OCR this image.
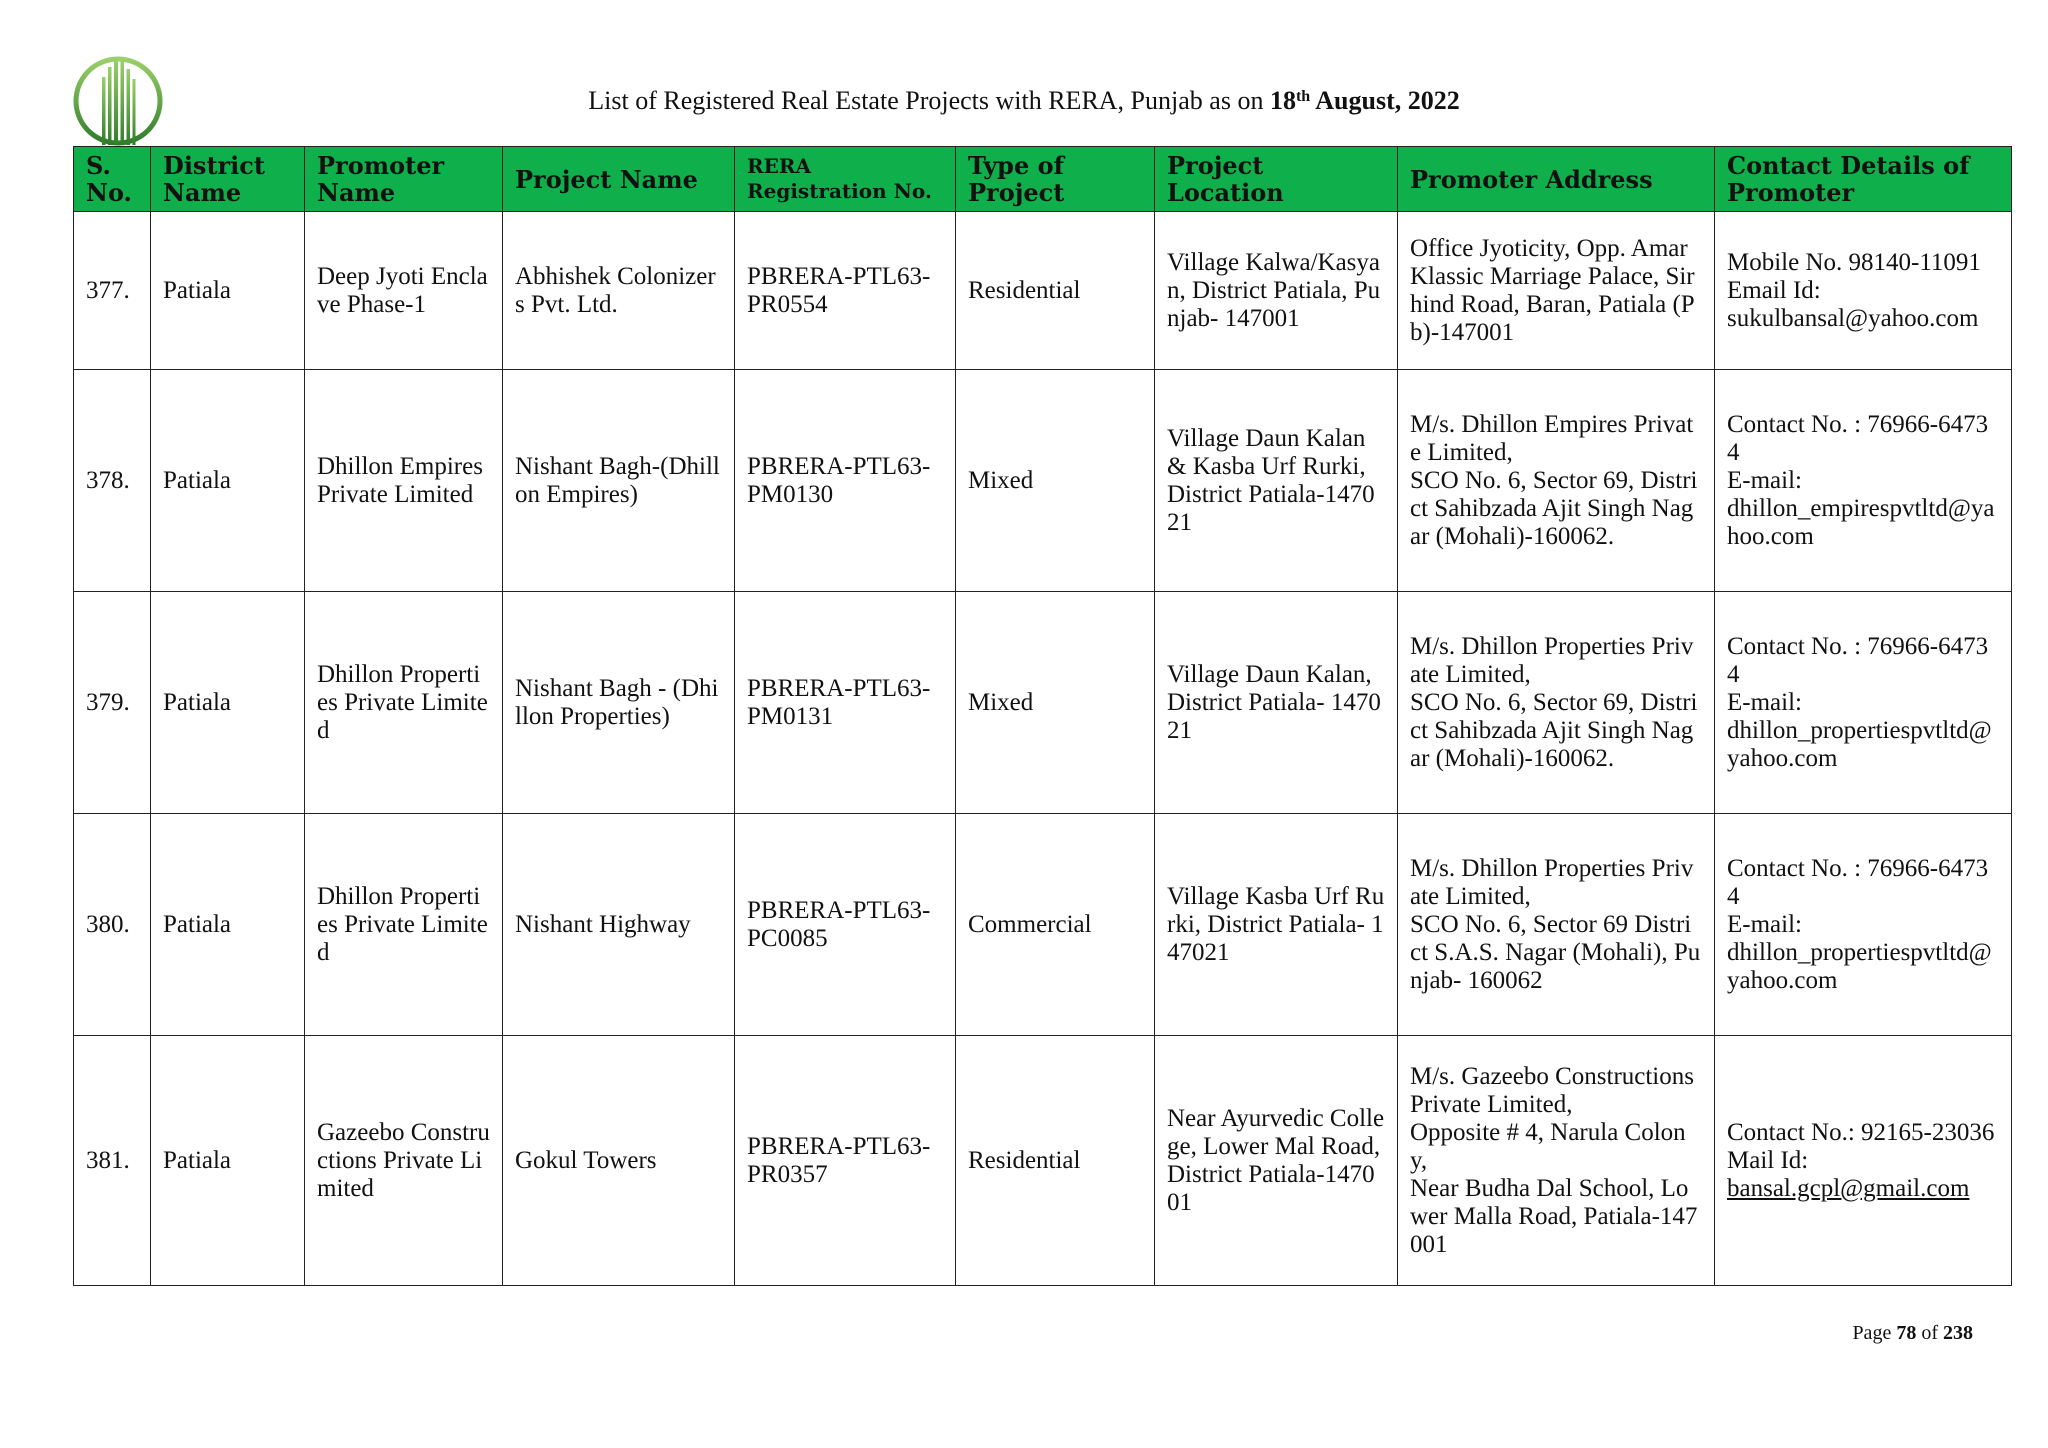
List of Registered Real Estate Projects with RERA, Punjab as on 18th August, 2022
S. No.	District Name	Promoter Name	Project Name	RERA Registration No.	Type of Project	Project Location	Promoter Address	Contact Details of Promoter
377.	Patiala	Deep Jyoti Enclave Phase-1	Abhishek Colonizers Pvt. Ltd.	PBRERA-PTL63-PR0554	Residential	Village Kalwa/Kasyan, District Patiala, Punjab- 147001	Office Jyoticity, Opp. Amar Klassic Marriage Palace, Sirhind Road, Baran, Patiala (Pb)-147001	Mobile No. 98140-11091
Email Id:
sukulbansal@yahoo.com
378.	Patiala	Dhillon Empires Private Limited	Nishant Bagh-(Dhillon Empires)	PBRERA-PTL63-PM0130	Mixed	Village Daun Kalan & Kasba Urf Rurki, District Patiala-147021	M/s. Dhillon Empires Private Limited,
SCO No. 6, Sector 69, District Sahibzada Ajit Singh Nagar (Mohali)-160062.	Contact No. : 76966-64734
E-mail:
dhillon_empirespvtltd@yahoo.com
379.	Patiala	Dhillon Properties Private Limited	Nishant Bagh - (Dhillon Properties)	PBRERA-PTL63-PM0131	Mixed	Village Daun Kalan, District Patiala- 147021	M/s. Dhillon Properties Private Limited,
SCO No. 6, Sector 69, District Sahibzada Ajit Singh Nagar (Mohali)-160062.	Contact No. : 76966-64734
E-mail:
dhillon_propertiespvtltd@yahoo.com
380.	Patiala	Dhillon Properties Private Limited	Nishant Highway	PBRERA-PTL63-PC0085	Commercial	Village Kasba Urf Rurki, District Patiala- 147021	M/s. Dhillon Properties Private Limited,
SCO No. 6, Sector 69 District S.A.S. Nagar (Mohali), Punjab- 160062	Contact No. : 76966-64734
E-mail:
dhillon_propertiespvtltd@yahoo.com
381.	Patiala	Gazeebo Constructions Private Limited	Gokul Towers	PBRERA-PTL63-PR0357	Residential	Near Ayurvedic College, Lower Mal Road, District Patiala-147001	M/s. Gazeebo Constructions Private Limited,
Opposite # 4, Narula Colony,
Near Budha Dal School, Lower Malla Road, Patiala-147001	Contact No.: 92165-23036
Mail Id:
bansal.gcpl@gmail.com
Page 78 of 238
